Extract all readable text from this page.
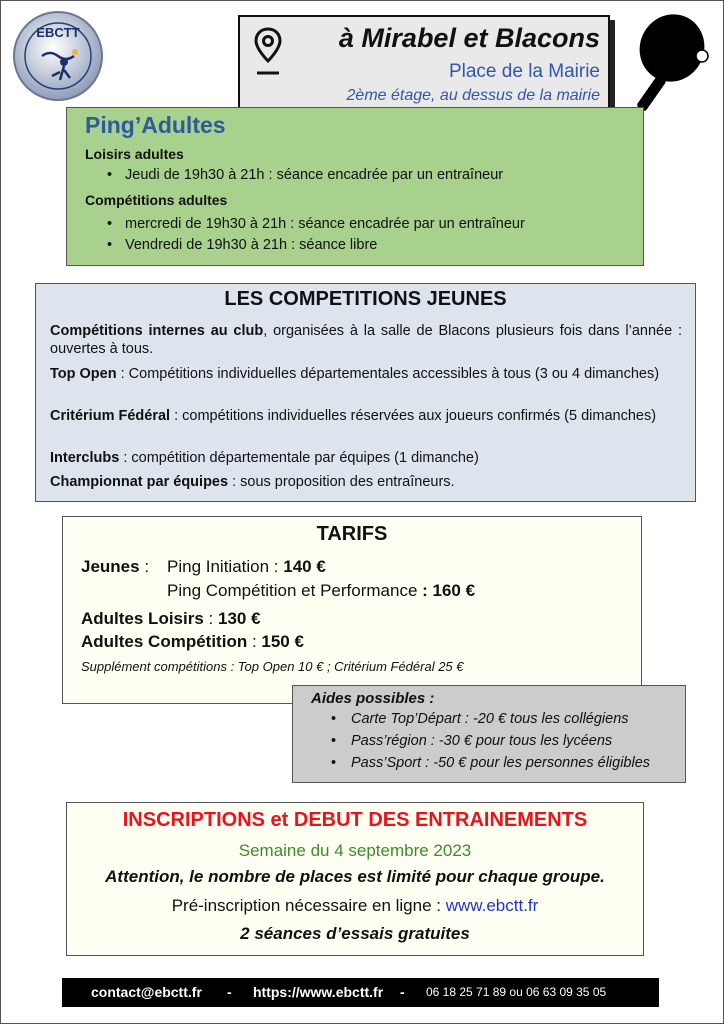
EBCTT	à Mirabel et Blacons
Place de la Mairie
2ème étage, au dessus de la mairie
Ping’Adultes
Loisirs adultes
• Jeudi de 19h30 à 21h : séance encadrée par un entraîneur
Compétitions adultes
• mercredi de 19h30 à 21h : séance encadrée par un entraîneur
• Vendredi de 19h30 à 21h : séance libre
LES COMPETITIONS JEUNES
Compétitions internes au club, organisées à la salle de Blacons plusieurs fois dans l’année : ouvertes à tous.
Top Open : Compétitions individuelles départementales accessibles à tous (3 ou 4 dimanches)
Critérium Fédéral : compétitions individuelles réservées aux joueurs confirmés (5 dimanches)
Interclubs : compétition départementale par équipes (1 dimanche)
Championnat par équipes : sous proposition des entraîneurs.
TARIFS
Jeunes : Ping Initiation : 140 €
Ping Compétition et Performance : 160 €
Adultes Loisirs : 130 €
Adultes Compétition : 150 €
Supplément compétitions : Top Open 10 € ; Critérium Fédéral 25 €
Aides possibles :
• Carte Top’Départ : -20 € tous les collégiens
• Pass’région : -30 € pour tous les lycéens
• Pass’Sport : -50 € pour les personnes éligibles
INSCRIPTIONS et DEBUT DES ENTRAINEMENTS
Semaine du 4 septembre 2023
Attention, le nombre de places est limité pour chaque groupe.
Pré-inscription nécessaire en ligne : www.ebctt.fr
2 séances d’essais gratuites
contact@ebctt.fr - https://www.ebctt.fr - 06 18 25 71 89 ou 06 63 09 35 05
